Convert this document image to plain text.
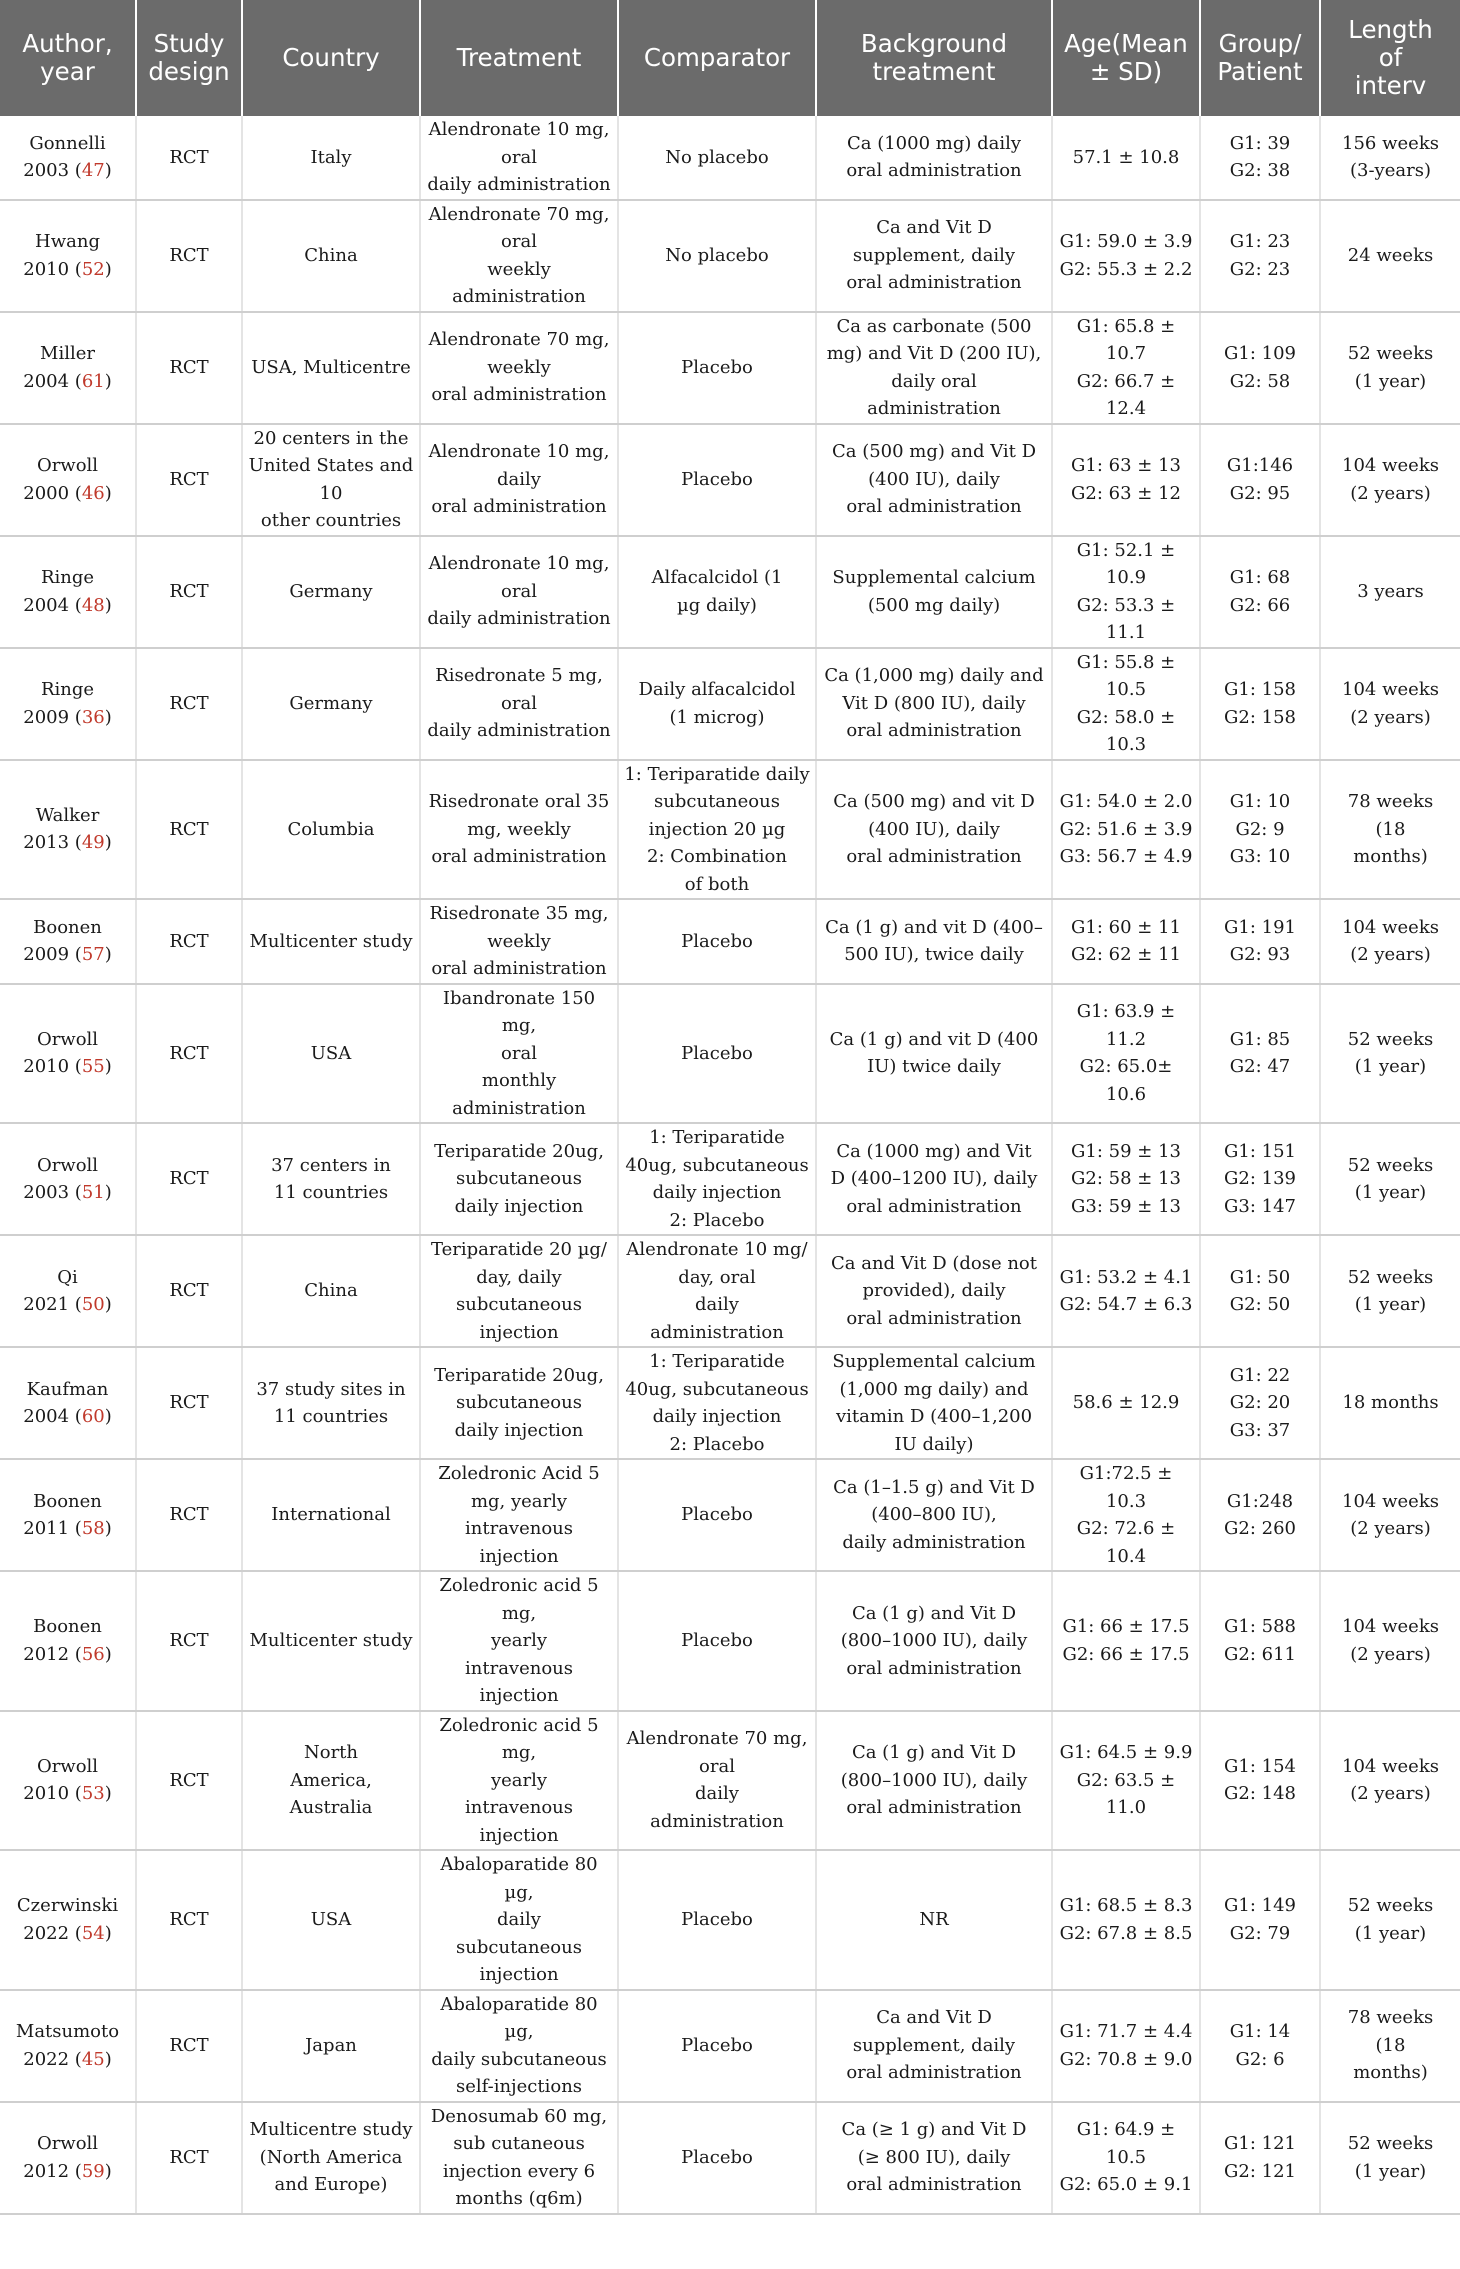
Author,
year	Study
design	Country	Treatment	Comparator	Background
treatment	Age(Mean
± SD)	Group/
Patient	Length
of
interv
Gonnelli
2003 (47)	RCT	Italy	Alendronate 10 mg,
oral
daily administration	No placebo	Ca (1000 mg) daily
oral administration	57.1 ± 10.8	G1: 39
G2: 38	156 weeks
(3-years)
Hwang
2010 (52)	RCT	China	Alendronate 70 mg,
oral
weekly administration	No placebo	Ca and Vit D
supplement, daily
oral administration	G1: 59.0 ± 3.9
G2: 55.3 ± 2.2	G1: 23
G2: 23	24 weeks
Miller
2004 (61)	RCT	USA, Multicentre	Alendronate 70 mg,
weekly
oral administration	Placebo	Ca as carbonate (500
mg) and Vit D (200 IU),
daily oral administration	G1: 65.8 ± 10.7
G2: 66.7 ± 12.4	G1: 109
G2: 58	52 weeks
(1 year)
Orwoll
2000 (46)	RCT	20 centers in the
United States and
10
other countries	Alendronate 10 mg,
daily
oral administration	Placebo	Ca (500 mg) and Vit D
(400 IU), daily
oral administration	G1: 63 ± 13
G2: 63 ± 12	G1:146
G2: 95	104 weeks
(2 years)
Ringe
2004 (48)	RCT	Germany	Alendronate 10 mg,
oral
daily administration	Alfacalcidol (1
µg daily)	Supplemental calcium
(500 mg daily)	G1: 52.1 ± 10.9
G2: 53.3 ± 11.1	G1: 68
G2: 66	3 years
Ringe
2009 (36)	RCT	Germany	Risedronate 5 mg,
oral
daily administration	Daily alfacalcidol
(1 microg)	Ca (1,000 mg) daily and
Vit D (800 IU), daily
oral administration	G1: 55.8 ± 10.5
G2: 58.0 ± 10.3	G1: 158
G2: 158	104 weeks
(2 years)
Walker
2013 (49)	RCT	Columbia	Risedronate oral 35
mg, weekly
oral administration	1: Teriparatide daily
subcutaneous
injection 20 µg
2: Combination
of both	Ca (500 mg) and vit D
(400 IU), daily
oral administration	G1: 54.0 ± 2.0
G2: 51.6 ± 3.9
G3: 56.7 ± 4.9	G1: 10
G2: 9
G3: 10	78 weeks
(18
months)
Boonen
2009 (57)	RCT	Multicenter study	Risedronate 35 mg,
weekly
oral administration	Placebo	Ca (1 g) and vit D (400–
500 IU), twice daily	G1: 60 ± 11
G2: 62 ± 11	G1: 191
G2: 93	104 weeks
(2 years)
Orwoll
2010 (55)	RCT	USA	Ibandronate 150 mg,
oral
monthly
administration	Placebo	Ca (1 g) and vit D (400
IU) twice daily	G1: 63.9 ± 11.2
G2: 65.0± 10.6	G1: 85
G2: 47	52 weeks
(1 year)
Orwoll
2003 (51)	RCT	37 centers in
11 countries	Teriparatide 20ug,
subcutaneous
daily injection	1: Teriparatide
40ug, subcutaneous
daily injection
2: Placebo	Ca (1000 mg) and Vit
D (400–1200 IU), daily
oral administration	G1: 59 ± 13
G2: 58 ± 13
G3: 59 ± 13	G1: 151
G2: 139
G3: 147	52 weeks
(1 year)
Qi
2021 (50)	RCT	China	Teriparatide 20 µg/
day, daily
subcutaneous
injection	Alendronate 10 mg/
day, oral
daily
administration	Ca and Vit D (dose not
provided), daily
oral administration	G1: 53.2 ± 4.1
G2: 54.7 ± 6.3	G1: 50
G2: 50	52 weeks
(1 year)
Kaufman
2004 (60)	RCT	37 study sites in
11 countries	Teriparatide 20ug,
subcutaneous
daily injection	1: Teriparatide
40ug, subcutaneous
daily injection
2: Placebo	Supplemental calcium
(1,000 mg daily) and
vitamin D (400–1,200
IU daily)	58.6 ± 12.9	G1: 22
G2: 20
G3: 37	18 months
Boonen
2011 (58)	RCT	International	Zoledronic Acid 5
mg, yearly
intravenous injection	Placebo	Ca (1–1.5 g) and Vit D
(400–800 IU),
daily administration	G1:72.5 ± 10.3
G2: 72.6 ± 10.4	G1:248
G2: 260	104 weeks
(2 years)
Boonen
2012 (56)	RCT	Multicenter study	Zoledronic acid 5 mg,
yearly
intravenous injection	Placebo	Ca (1 g) and Vit D
(800–1000 IU), daily
oral administration	G1: 66 ± 17.5
G2: 66 ± 17.5	G1: 588
G2: 611	104 weeks
(2 years)
Orwoll
2010 (53)	RCT	North
America,
Australia	Zoledronic acid 5 mg,
yearly
intravenous injection	Alendronate 70 mg,
oral
daily
administration	Ca (1 g) and Vit D
(800–1000 IU), daily
oral administration	G1: 64.5 ± 9.9
G2: 63.5 ± 11.0	G1: 154
G2: 148	104 weeks
(2 years)
Czerwinski
2022 (54)	RCT	USA	Abaloparatide 80 µg,
daily
subcutaneous
injection	Placebo	NR	G1: 68.5 ± 8.3
G2: 67.8 ± 8.5	G1: 149
G2: 79	52 weeks
(1 year)
Matsumoto
2022 (45)	RCT	Japan	Abaloparatide 80 µg,
daily subcutaneous
self-injections	Placebo	Ca and Vit D
supplement, daily
oral administration	G1: 71.7 ± 4.4
G2: 70.8 ± 9.0	G1: 14
G2: 6	78 weeks
(18
months)
Orwoll
2012 (59)	RCT	Multicentre study
(North America
and Europe)	Denosumab 60 mg,
sub cutaneous
injection every 6
months (q6m)	Placebo	Ca (≥ 1 g) and Vit D
(≥ 800 IU), daily
oral administration	G1: 64.9 ± 10.5
G2: 65.0 ± 9.1	G1: 121
G2: 121	52 weeks
(1 year)
